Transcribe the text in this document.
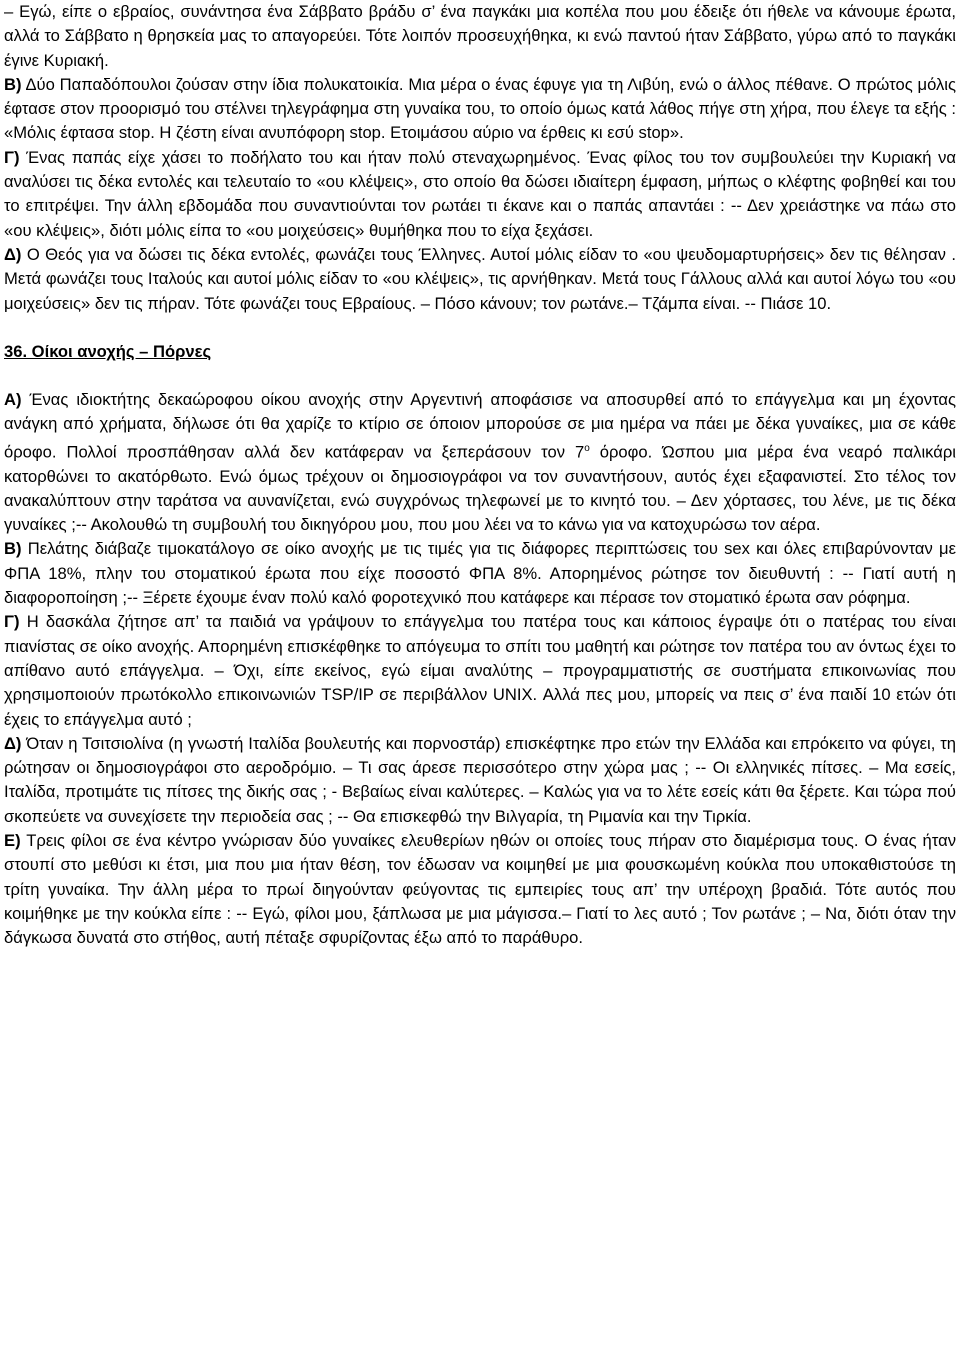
– Εγώ, είπε ο εβραίος, συνάντησα ένα Σάββατο βράδυ σ’ ένα παγκάκι μια κοπέλα που μου έδειξε ότι ήθελε να κάνουμε έρωτα, αλλά το Σάββατο η θρησκεία μας το απαγορεύει. Τότε λοιπόν προσευχήθηκα, κι ενώ παντού ήταν Σάββατο, γύρω από το παγκάκι έγινε Κυριακή.

Β) Δύο Παπαδόπουλοι ζούσαν στην ίδια πολυκατοικία. Μια μέρα ο ένας έφυγε για τη Λιβύη, ενώ ο άλλος πέθανε. Ο πρώτος μόλις έφτασε στον προορισμό του στέλνει τηλεγράφημα στη γυναίκα του, το οποίο όμως κατά λάθος πήγε στη χήρα, που έλεγε τα εξής : «Μόλις έφτασα stop. Η ζέστη είναι ανυπόφορη stop. Ετοιμάσου αύριο να έρθεις κι εσύ stop».

Γ) Ένας παπάς είχε χάσει το ποδήλατο του και ήταν πολύ στεναχωρημένος. Ένας φίλος του τον συμβουλεύει την Κυριακή να αναλύσει τις δέκα εντολές και τελευταίο το «ου κλέψεις», στο οποίο θα δώσει ιδιαίτερη έμφαση, μήπως ο κλέφτης φοβηθεί και του το επιτρέψει. Την άλλη εβδομάδα που συναντιούνται τον ρωτάει τι έκανε και ο παπάς απαντάει : -- Δεν χρειάστηκε να πάω στο «ου κλέψεις», διότι μόλις είπα το «ου μοιχεύσεις» θυμήθηκα που το είχα ξεχάσει.

Δ) Ο Θεός για να δώσει τις δέκα εντολές, φωνάζει τους Έλληνες. Αυτοί μόλις είδαν το «ου ψευδομαρτυρήσεις» δεν τις θέλησαν . Μετά φωνάζει τους Ιταλούς και αυτοί μόλις είδαν το «ου κλέψεις», τις αρνήθηκαν. Μετά τους Γάλλους αλλά και αυτοί λόγω του «ου μοιχεύσεις» δεν τις πήραν. Τότε φωνάζει τους Εβραίους. – Πόσο κάνουν; τον ρωτάνε.– Τζάμπα είναι. -- Πιάσε 10.

36. Οίκοι ανοχής – Πόρνες

Α) Ένας ιδιοκτήτης δεκαώροφου οίκου ανοχής στην Αργεντινή αποφάσισε να αποσυρθεί από το επάγγελμα και μη έχοντας ανάγκη από χρήματα, δήλωσε ότι θα χαρίζε το κτίριο σε όποιον μπορούσε σε μια ημέρα να πάει με δέκα γυναίκες, μια σε κάθε όροφο. Πολλοί προσπάθησαν αλλά δεν κατάφεραν να ξεπεράσουν τον $7^o$ όροφο. Ώσπου μια μέρα ένα νεαρό παλικάρι κατορθώνει το ακατόρθωτο. Ενώ όμως τρέχουν οι δημοσιογράφοι να τον συναντήσουν, αυτός έχει εξαφανιστεί. Στο τέλος τον ανακαλύπτουν στην ταράτσα να αυνανίζεται, ενώ συγχρόνως τηλεφωνεί με το κινητό του. – Δεν χόρτασες, του λένε, με τις δέκα γυναίκες ;-- Ακολουθώ τη συμβουλή του δικηγόρου μου, που μου λέει να το κάνω για να κατοχυρώσω τον αέρα.

Β) Πελάτης διάβαζε τιμοκατάλογο σε οίκο ανοχής με τις τιμές για τις διάφορες περιπτώσεις του sex και όλες επιβαρύνονταν με ΦΠΑ 18%, πλην του στοματικού έρωτα που είχε ποσοστό ΦΠΑ 8%. Απορημένος ρώτησε τον διευθυντή : -- Γιατί αυτή η διαφοροποίηση ;-- Ξέρετε έχουμε έναν πολύ καλό φοροτεχνικό που κατάφερε και πέρασε τον στοματικό έρωτα σαν ρόφημα.

Γ) Η δασκάλα ζήτησε απ’ τα παιδιά να γράψουν το επάγγελμα του πατέρα τους και κάποιος έγραψε ότι ο πατέρας του είναι πιανίστας σε οίκο ανοχής. Απορημένη επισκέφθηκε το απόγευμα το σπίτι του μαθητή και ρώτησε τον πατέρα του αν όντως έχει το απίθανο αυτό επάγγελμα. – Όχι, είπε εκείνος, εγώ είμαι αναλύτης – προγραμματιστής σε συστήματα επικοινωνίας που χρησιμοποιούν πρωτόκολλο επικοινωνιών TSP/IP σε περιβάλλον UNIX. Αλλά πες μου, μπορείς να πεις σ’ ένα παιδί 10 ετών ότι έχεις το επάγγελμα αυτό ;

Δ) Όταν η Τσιτσιολίνα (η γνωστή Ιταλίδα βουλευτής και πορνοστάρ) επισκέφτηκε προ ετών την Ελλάδα και επρόκειτο να φύγει, τη ρώτησαν οι δημοσιογράφοι στο αεροδρόμιο. – Τι σας άρεσε περισσότερο στην χώρα μας ; -- Οι ελληνικές πίτσες. – Μα εσείς, Ιταλίδα, προτιμάτε τις πίτσες της δικής σας ; - Βεβαίως είναι καλύτερες. – Καλώς για να το λέτε εσείς κάτι θα ξέρετε. Και τώρα πού σκοπεύετε να συνεχίσετε την περιοδεία σας ; -- Θα επισκεφθώ την Βιλγαρία, τη Ριμανία και την Τιρκία.

Ε) Τρεις φίλοι σε ένα κέντρο γνώρισαν δύο γυναίκες ελευθερίων ηθών οι οποίες τους πήραν στο διαμέρισμα τους. Ο ένας ήταν στουπί στο μεθύσι κι έτσι, μια που μια ήταν θέση, τον έδωσαν να κοιμηθεί με μια φουσκωμένη κούκλα που υποκαθιστούσε τη τρίτη γυναίκα. Την άλλη μέρα το πρωί διηγούνταν φεύγοντας τις εμπειρίες τους απ’ την υπέροχη βραδιά. Τότε αυτός που κοιμήθηκε με την κούκλα είπε : -- Εγώ, φίλοι μου, ξάπλωσα με μια μάγισσα.– Γιατί το λες αυτό ; Τον ρωτάνε ; – Να, διότι όταν την δάγκωσα δυνατά στο στήθος, αυτή πέταξε σφυρίζοντας έξω από το παράθυρο.
